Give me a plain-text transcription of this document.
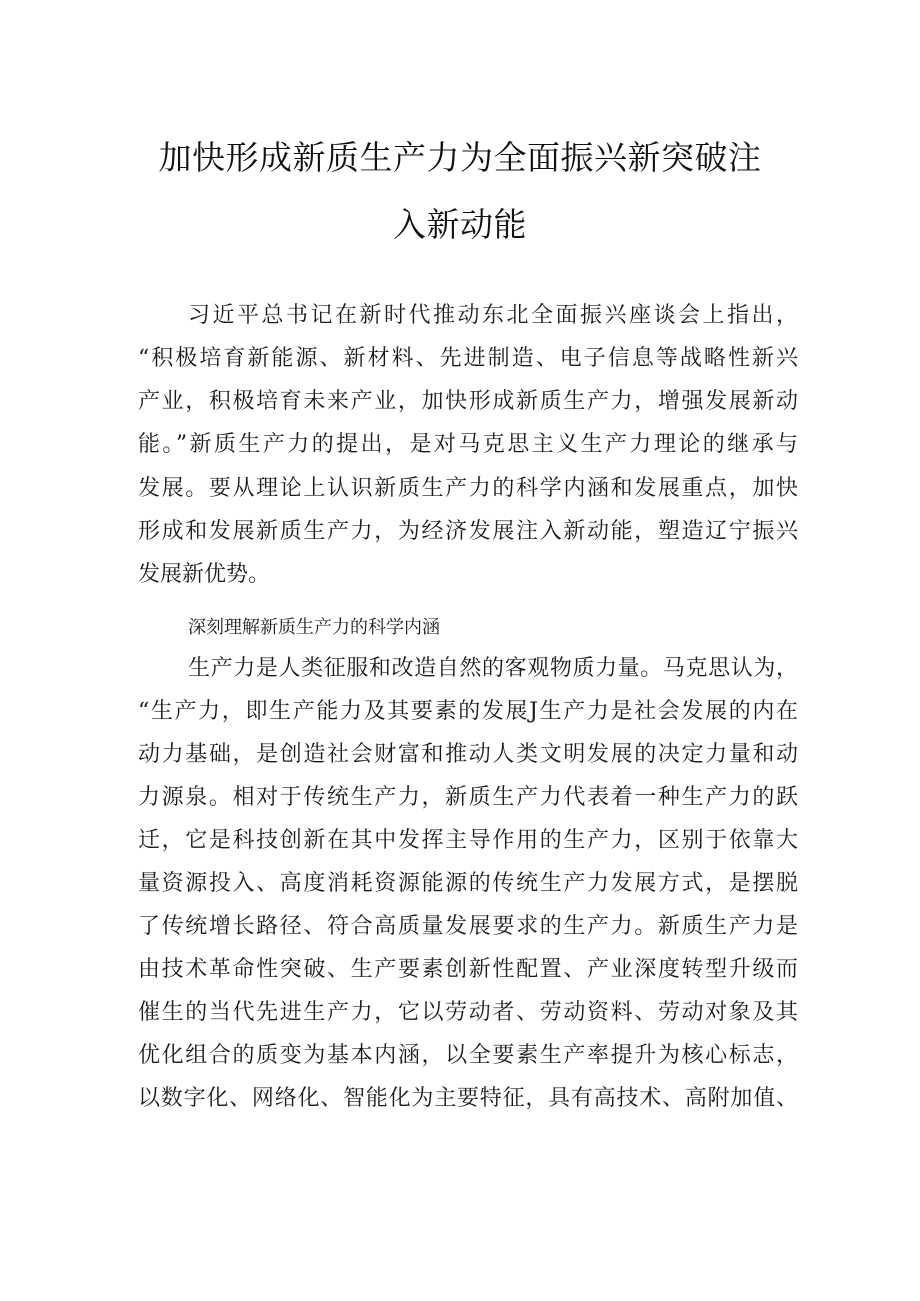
加快形成新质生产力为全面振兴新突破注
入新动能
习近平总书记在新时代推动东北全面振兴座谈会上指出，
“积极培育新能源、新材料、先进制造、电子信息等战略性新兴
产业，积极培育未来产业，加快形成新质生产力，增强发展新动
能。”新质生产力的提出，是对马克思主义生产力理论的继承与
发展。要从理论上认识新质生产力的科学内涵和发展重点，加快
形成和发展新质生产力，为经济发展注入新动能，塑造辽宁振兴
发展新优势。
深刻理解新质生产力的科学内涵
生产力是人类征服和改造自然的客观物质力量。马克思认为，
“生产力，即生产能力及其要素的发展J生产力是社会发展的内在
动力基础，是创造社会财富和推动人类文明发展的决定力量和动
力源泉。相对于传统生产力，新质生产力代表着一种生产力的跃
迁，它是科技创新在其中发挥主导作用的生产力，区别于依靠大
量资源投入、高度消耗资源能源的传统生产力发展方式，是摆脱
了传统增长路径、符合高质量发展要求的生产力。新质生产力是
由技术革命性突破、生产要素创新性配置、产业深度转型升级而
催生的当代先进生产力，它以劳动者、劳动资料、劳动对象及其
优化组合的质变为基本内涵，以全要素生产率提升为核心标志，
以数字化、网络化、智能化为主要特征，具有高技术、高附加值、
